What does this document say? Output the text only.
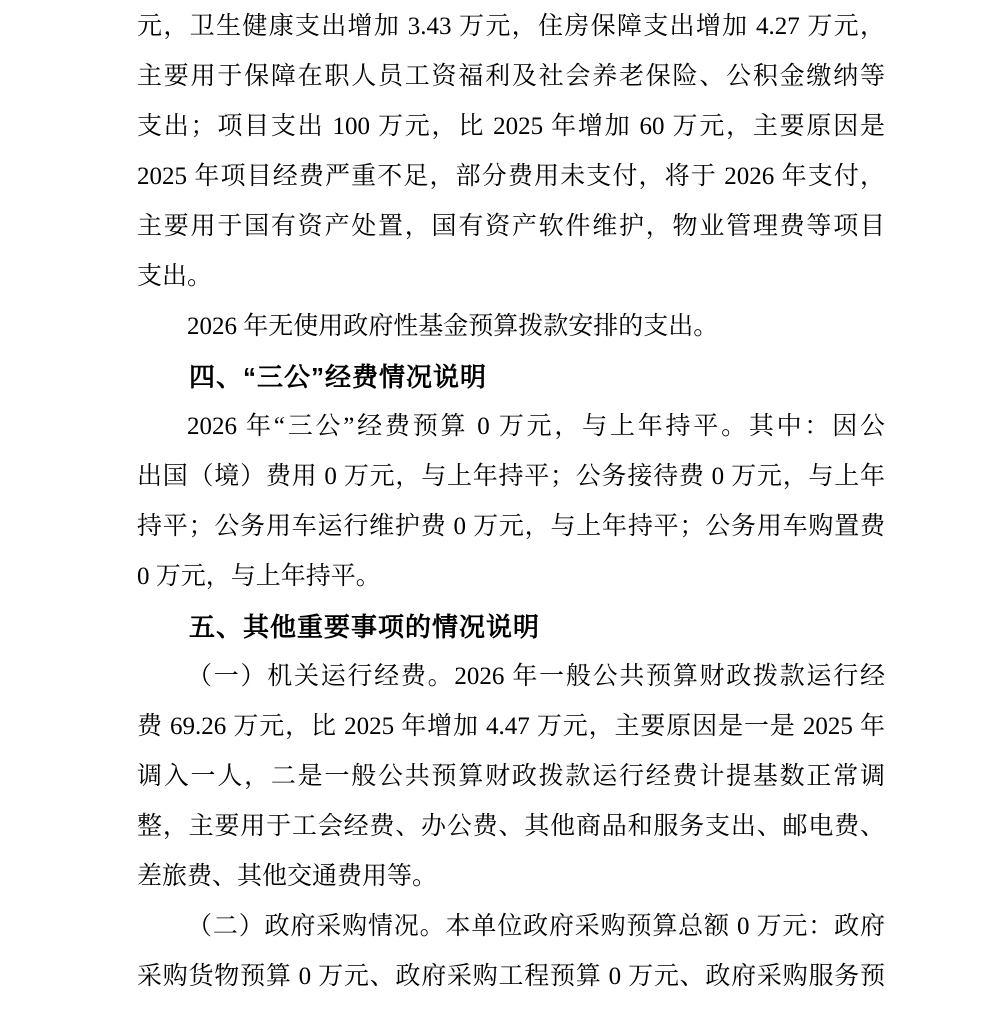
元，卫生健康支出增加 3.43 万元，住房保障支出增加 4.27 万元，
主要用于保障在职人员工资福利及社会养老保险、公积金缴纳等
支出；项目支出 100 万元，比 2025 年增加 60 万元，主要原因是
2025 年项目经费严重不足，部分费用未支付，将于 2026 年支付，
主要用于国有资产处置，国有资产软件维护，物业管理费等项目
支出。
2026 年无使用政府性基金预算拨款安排的支出。
四、“三公”经费情况说明
2026 年“三公”经费预算 0 万元，与上年持平。其中：因公
出国（境）费用 0 万元，与上年持平；公务接待费 0 万元，与上年
持平；公务用车运行维护费 0 万元，与上年持平；公务用车购置费
0 万元，与上年持平。
五、其他重要事项的情况说明
（一）机关运行经费。2026 年一般公共预算财政拨款运行经
费 69.26 万元，比 2025 年增加 4.47 万元，主要原因是一是 2025 年
调入一人，二是一般公共预算财政拨款运行经费计提基数正常调
整，主要用于工会经费、办公费、其他商品和服务支出、邮电费、
差旅费、其他交通费用等。
（二）政府采购情况。本单位政府采购预算总额 0 万元：政府
采购货物预算 0 万元、政府采购工程预算 0 万元、政府采购服务预
